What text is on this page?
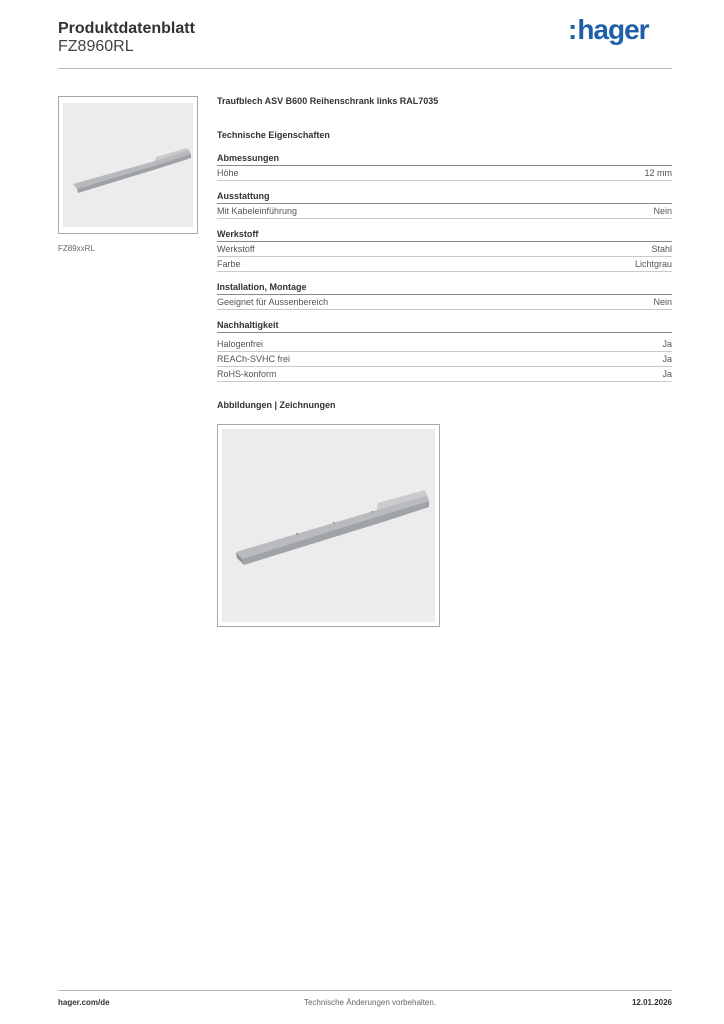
Produktdatenblatt
FZ8960RL
:hager
FZ89xxRL
Traufblech ASV B600 Reihenschrank links RAL7035
Technische Eigenschaften
Abmessungen
Höhe	12 mm
Ausstattung
Mit Kabeleinführung	Nein
Werkstoff
Werkstoff	Stahl
Farbe	Lichtgrau
Installation, Montage
Geeignet für Aussenbereich	Nein
Nachhaltigkeit
Halogenfrei	Ja
REACh-SVHC frei	Ja
RoHS-konform	Ja
Abbildungen | Zeichnungen
hager.com/de	Technische Änderungen vorbehalten.	12.01.2026
